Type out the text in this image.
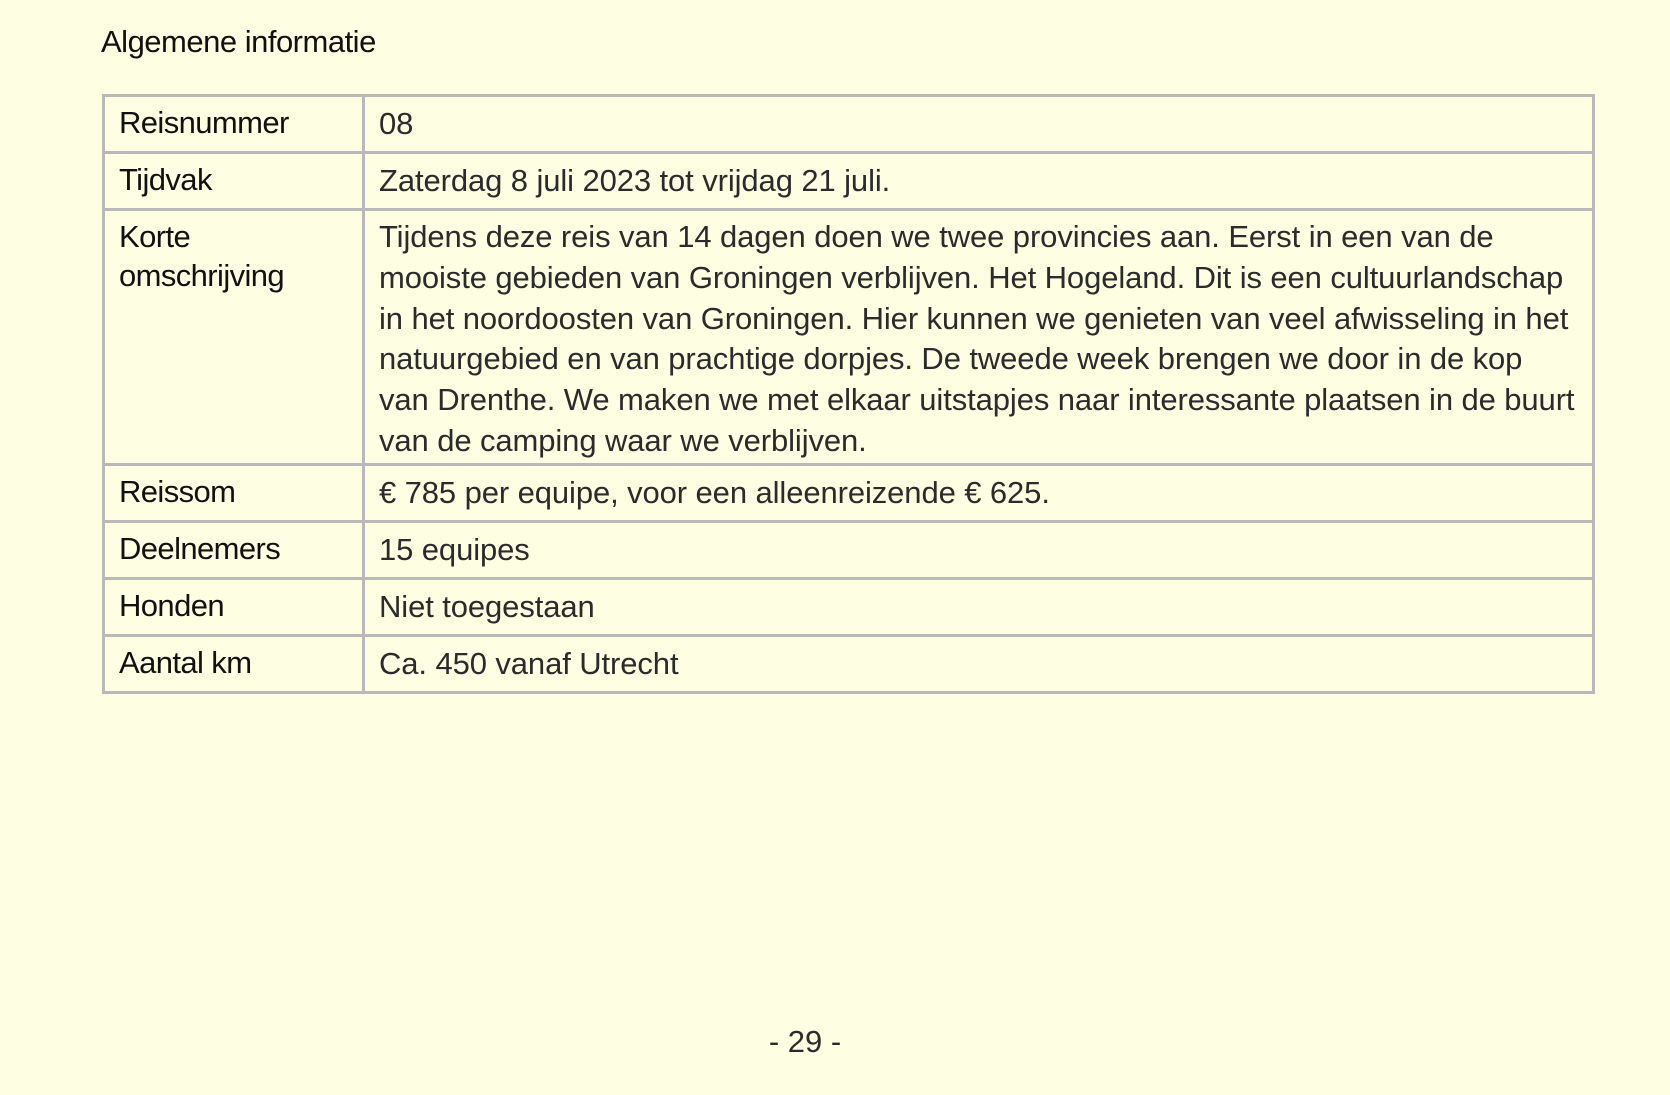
Algemene informatie
Reisnummer	08
Tijdvak	Zaterdag 8 juli 2023 tot vrijdag 21 juli.
Korte
omschrijving	Tijdens deze reis van 14 dagen doen we twee provincies aan. Eerst in een van de mooiste gebieden van Groningen verblijven. Het Hogeland. Dit is een cultuurlandschap in het noordoosten van Groningen. Hier kunnen we genieten van veel afwisseling in het natuurgebied en van prachtige dorpjes. De tweede week brengen we door in de kop van Drenthe. We maken we met elkaar uitstapjes naar interessante plaatsen in de buurt van de camping waar we verblijven.
Reissom	€ 785 per equipe, voor een alleenreizende € 625.
Deelnemers	15 equipes
Honden	Niet toegestaan
Aantal km	Ca. 450 vanaf Utrecht
- 29 -
